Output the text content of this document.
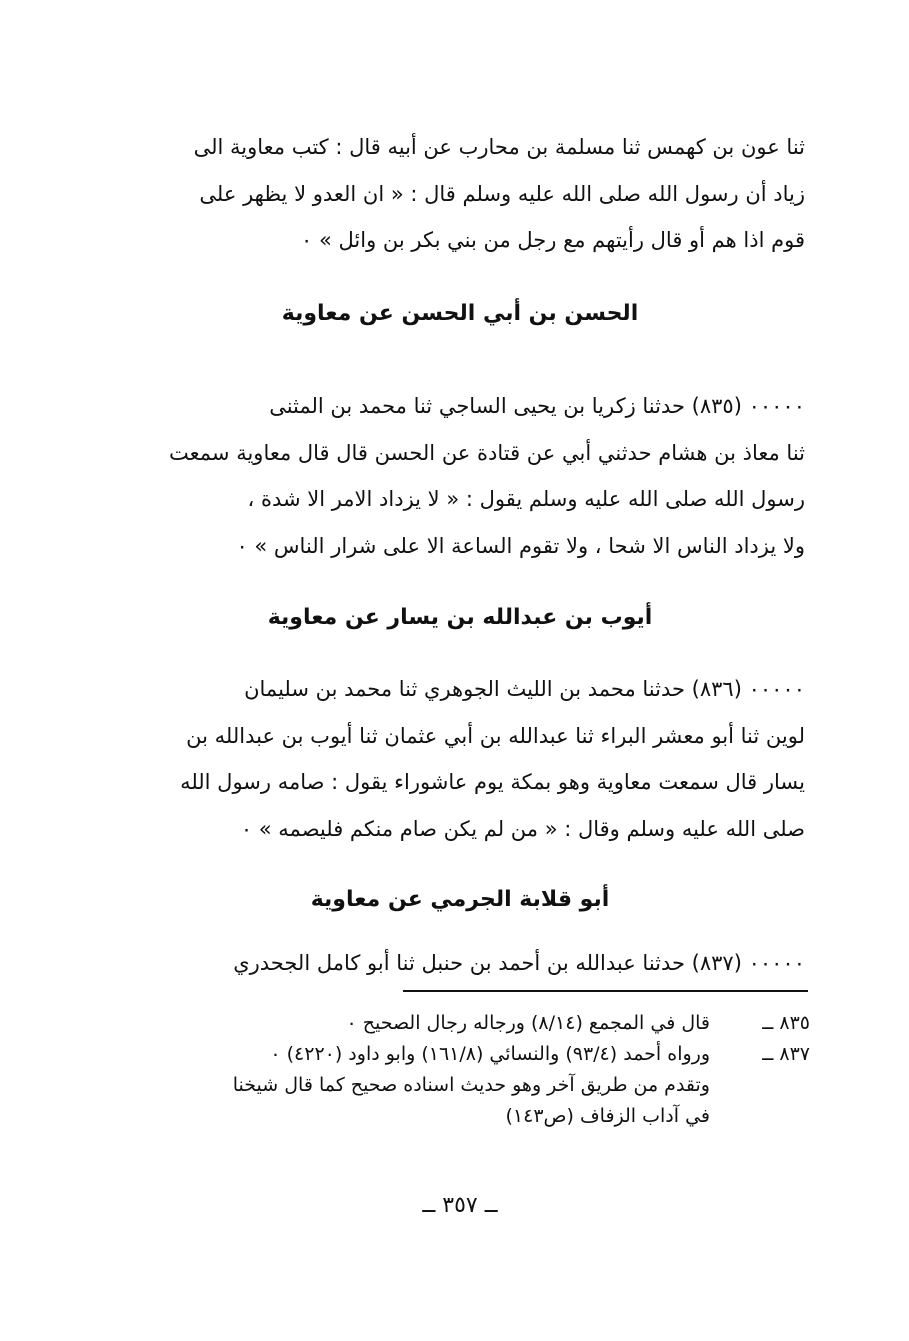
ثنا عون بن كهمس ثنا مسلمة بن محارب عن أبيه قال : كتب معاوية الى
زياد أن رسول الله صلى الله عليه وسلم قال : « ان العدو لا يظهر على
قوم اذا هم أو قال رأيتهم مع رجل من بني بكر بن وائل » ٠
الحسن بن أبي الحسن عن معاوية
٠٠٠٠٠ (٨٣٥) حدثنا زكريا بن يحيى الساجي ثنا محمد بن المثنى
ثنا معاذ بن هشام حدثني أبي عن قتادة عن الحسن قال قال معاوية سمعت
رسول الله صلى الله عليه وسلم يقول : « لا يزداد الامر الا شدة ،
ولا يزداد الناس الا شحا ، ولا تقوم الساعة الا على شرار الناس » ٠
أيوب بن عبدالله بن يسار عن معاوية
٠٠٠٠٠ (٨٣٦) حدثنا محمد بن الليث الجوهري ثنا محمد بن سليمان
لوين ثنا أبو معشر البراء ثنا عبدالله بن أبي عثمان ثنا أيوب بن عبدالله بن
يسار قال سمعت معاوية وهو بمكة يوم عاشوراء يقول : صامه رسول الله
صلى الله عليه وسلم وقال : « من لم يكن صام منكم فليصمه » ٠
أبو قلابة الجرمي عن معاوية
٠٠٠٠٠ (٨٣٧) حدثنا عبدالله بن أحمد بن حنبل ثنا أبو كامل الجحدري
٨٣٥ ــ
قال في المجمع (٨/١٤) ورجاله رجال الصحيح ٠
٨٣٧ ــ
ورواه أحمد (٩٣/٤) والنسائي (١٦١/٨) وابو داود (٤٢٢٠) ٠
وتقدم من طريق آخر وهو حديث اسناده صحيح كما قال شيخنا
في آداب الزفاف (ص١٤٣)
ــ ٣٥٧ ــ
